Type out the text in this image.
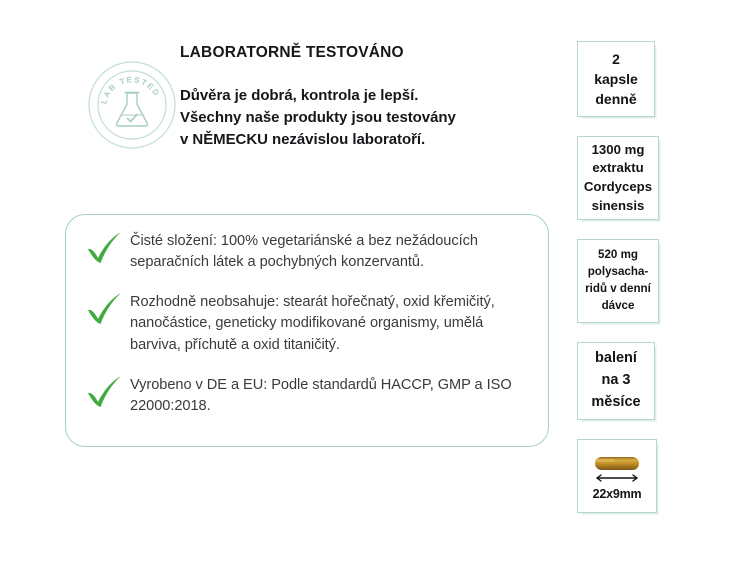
LAB TESTED
LABORATORNĚ TESTOVÁNO
Důvěra je dobrá, kontrola je lepší.
Všechny naše produkty jsou testovány
v NĚMECKU nezávislou laboratoří.
Čisté složení: 100% vegetariánské a bez nežádoucích separačních látek a pochybných konzervantů.
Rozhodně neobsahuje: stearát hořečnatý, oxid křemičitý, nanočástice, geneticky modifikované organismy, umělá barviva, příchutě a oxid titaničitý.
Vyrobeno v DE a EU: Podle standardů HACCP, GMP a ISO 22000:2018.
2
kapsle
denně
1300 mg
extraktu
Cordyceps
sinensis
520 mg
polysacha-
ridů v denní
dávce
balení
na 3
měsíce
22x9mm
